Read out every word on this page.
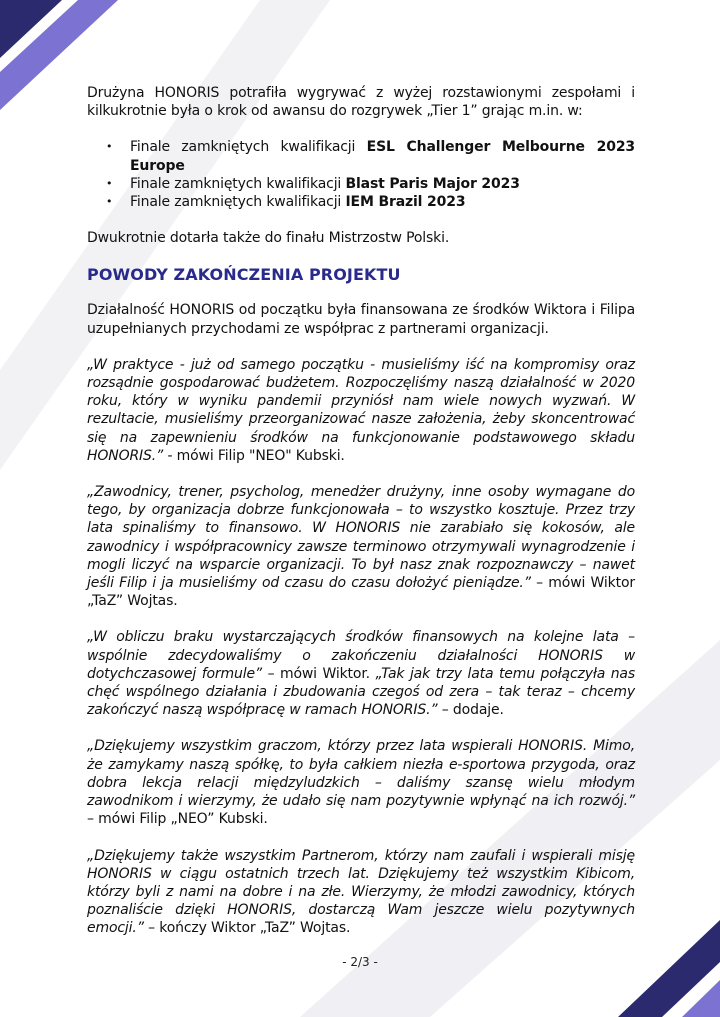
Drużyna HONORIS potrafiła wygrywać z wyżej rozstawionymi zespołami i kilkukrotnie była o krok od awansu do rozgrywek „Tier 1” grając m.in. w:

• Finale zamkniętych kwalifikacji ESL Challenger Melbourne 2023 Europe
• Finale zamkniętych kwalifikacji Blast Paris Major 2023
• Finale zamkniętych kwalifikacji IEM Brazil 2023

Dwukrotnie dotarła także do finału Mistrzostw Polski.

POWODY ZAKOŃCZENIA PROJEKTU

Działalność HONORIS od początku była finansowana ze środków Wiktora i Filipa uzupełnianych przychodami ze współprac z partnerami organizacji.

„W praktyce - już od samego początku - musieliśmy iść na kompromisy oraz rozsądnie gospodarować budżetem. Rozpoczęliśmy naszą działalność w 2020 roku, który w wyniku pandemii przyniósł nam wiele nowych wyzwań. W rezultacie, musieliśmy przeorganizować nasze założenia, żeby skoncentrować się na zapewnieniu środków na funkcjonowanie podstawowego składu HONORIS.” - mówi Filip "NEO" Kubski.

„Zawodnicy, trener, psycholog, menedżer drużyny, inne osoby wymagane do tego, by organizacja dobrze funkcjonowała – to wszystko kosztuje. Przez trzy lata spinaliśmy to finansowo. W HONORIS nie zarabiało się kokosów, ale zawodnicy i współpracownicy zawsze terminowo otrzymywali wynagrodzenie i mogli liczyć na wsparcie organizacji. To był nasz znak rozpoznawczy – nawet jeśli Filip i ja musieliśmy od czasu do czasu dołożyć pieniądze.” – mówi Wiktor „TaZ” Wojtas.

„W obliczu braku wystarczających środków finansowych na kolejne lata – wspólnie zdecydowaliśmy o zakończeniu działalności HONORIS w dotychczasowej formule” – mówi Wiktor. „Tak jak trzy lata temu połączyła nas chęć wspólnego działania i zbudowania czegoś od zera – tak teraz – chcemy zakończyć naszą współpracę w ramach HONORIS.” – dodaje.

„Dziękujemy wszystkim graczom, którzy przez lata wspierali HONORIS. Mimo, że zamykamy naszą spółkę, to była całkiem niezła e-sportowa przygoda, oraz dobra lekcja relacji międzyludzkich – daliśmy szansę wielu młodym zawodnikom i wierzymy, że udało się nam pozytywnie wpłynąć na ich rozwój.” – mówi Filip „NEO” Kubski.

„Dziękujemy także wszystkim Partnerom, którzy nam zaufali i wspierali misję HONORIS w ciągu ostatnich trzech lat. Dziękujemy też wszystkim Kibicom, którzy byli z nami na dobre i na złe. Wierzymy, że młodzi zawodnicy, których poznaliście dzięki HONORIS, dostarczą Wam jeszcze wielu pozytywnych emocji.” – kończy Wiktor „TaZ” Wojtas.

- 2/3 -
